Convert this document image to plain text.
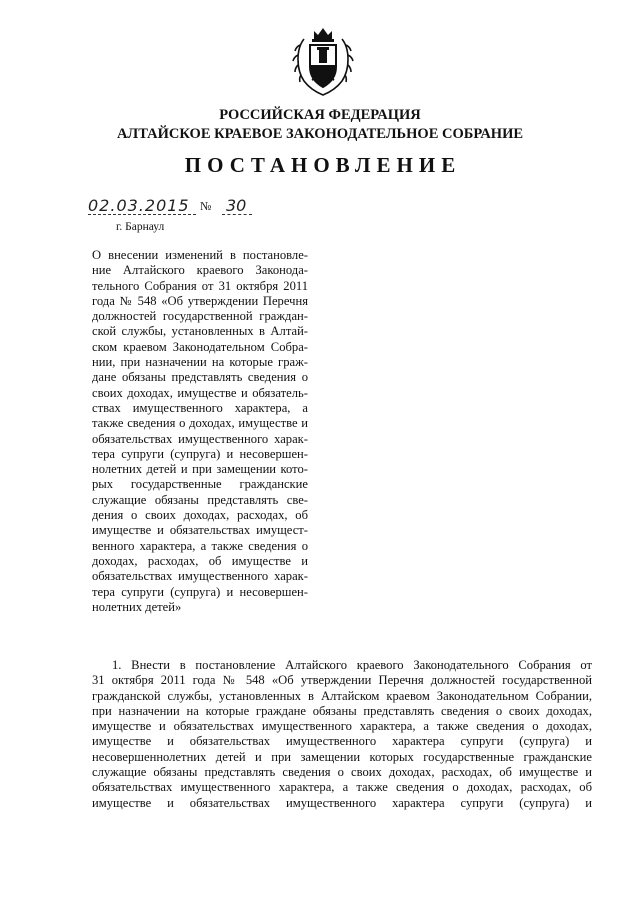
РОССИЙСКАЯ ФЕДЕРАЦИЯ
АЛТАЙСКОЕ КРАЕВОЕ ЗАКОНОДАТЕЛЬНОЕ СОБРАНИЕ
ПОСТАНОВЛЕНИЕ
02.03.2015 № 30
г. Барнаул
О внесении изменений в постановле-
ние Алтайского краевого Законода-
тельного Собрания от 31 октября 2011
года № 548 «Об утверждении Перечня
должностей государственной граждан-
ской службы, установленных в Алтай-
ском краевом Законодательном Собра-
нии, при назначении на которые граж-
дане обязаны представлять сведения о
своих доходах, имуществе и обязатель-
ствах имущественного характера, а
также сведения о доходах, имуществе и
обязательствах имущественного харак-
тера супруги (супруга) и несовершен-
нолетних детей и при замещении кото-
рых государственные гражданские
служащие обязаны представлять све-
дения о своих доходах, расходах, об
имуществе и обязательствах имущест-
венного характера, а также сведения о
доходах, расходах, об имуществе и
обязательствах имущественного харак-
тера супруги (супруга) и несовершен-
нолетних детей»
1. Внести в постановление Алтайского краевого Законодательного Собрания от
31 октября 2011 года № 548 «Об утверждении Перечня должностей государственной
гражданской службы, установленных в Алтайском краевом Законодательном Собрании,
при назначении на которые граждане обязаны представлять сведения о своих доходах,
имуществе и обязательствах имущественного характера, а также сведения о доходах,
имуществе и обязательствах имущественного характера супруги (супруга) и
несовершеннолетних детей и при замещении которых государственные гражданские
служащие обязаны представлять сведения о своих доходах, расходах, об имуществе и
обязательствах имущественного характера, а также сведения о доходах, расходах, об
имуществе и обязательствах имущественного характера супруги (супруга) и
